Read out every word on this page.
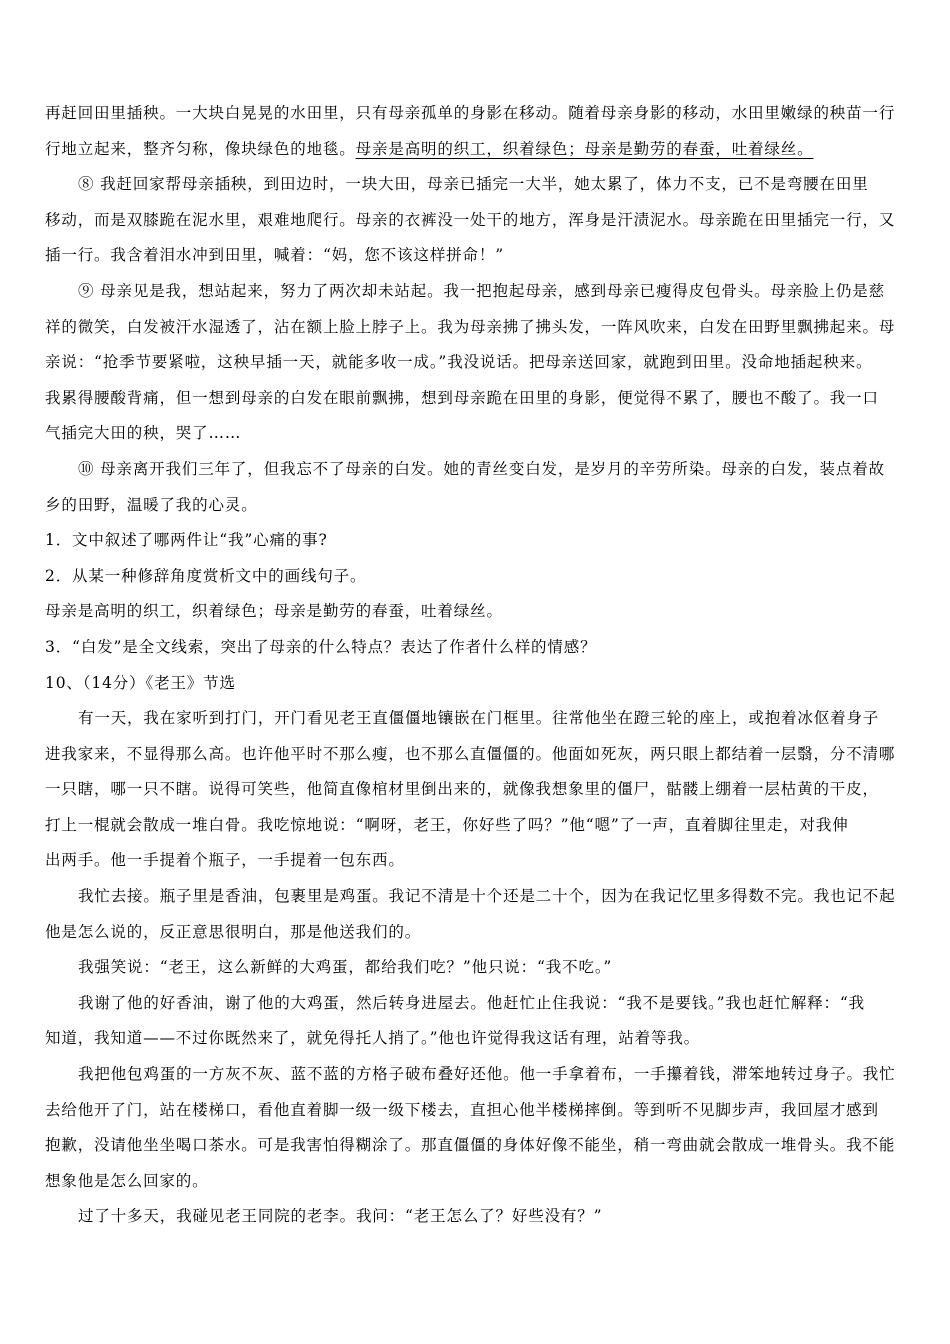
再赶回田里插秧。一大块白晃晃的水田里，只有母亲孤单的身影在移动。随着母亲身影的移动，水田里嫩绿的秧苗一行
行地立起来，整齐匀称，像块绿色的地毯。母亲是高明的织工，织着绿色；母亲是勤劳的春蚕，吐着绿丝。
⑧ 我赶回家帮母亲插秧，到田边时，一块大田，母亲已插完一大半，她太累了，体力不支，已不是弯腰在田里
移动，而是双膝跪在泥水里，艰难地爬行。母亲的衣裤没一处干的地方，浑身是汗渍泥水。母亲跪在田里插完一行，又
插一行。我含着泪水冲到田里，喊着：“妈，您不该这样拼命！”
⑨ 母亲见是我，想站起来，努力了两次却未站起。我一把抱起母亲，感到母亲已瘦得皮包骨头。母亲脸上仍是慈
祥的微笑，白发被汗水湿透了，沾在额上脸上脖子上。我为母亲拂了拂头发，一阵风吹来，白发在田野里飘拂起来。母
亲说：“抢季节要紧啦，这秧早插一天，就能多收一成。”我没说话。把母亲送回家，就跑到田里。没命地插起秧来。
我累得腰酸背痛，但一想到母亲的白发在眼前飘拂，想到母亲跪在田里的身影，便觉得不累了，腰也不酸了。我一口
气插完大田的秧，哭了……
⑩ 母亲离开我们三年了，但我忘不了母亲的白发。她的青丝变白发，是岁月的辛劳所染。母亲的白发，装点着故
乡的田野，温暖了我的心灵。
1．文中叙述了哪两件让“我”心痛的事?
2．从某一种修辞角度赏析文中的画线句子。
母亲是高明的织工，织着绿色；母亲是勤劳的春蚕，吐着绿丝。
3．“白发”是全文线索，突出了母亲的什么特点？表达了作者什么样的情感？
10、（14分）《老王》节选
有一天，我在家听到打门，开门看见老王直僵僵地镶嵌在门框里。往常他坐在蹬三轮的座上，或抱着冰伛着身子
进我家来，不显得那么高。也许他平时不那么瘦，也不那么直僵僵的。他面如死灰，两只眼上都结着一层翳，分不清哪
一只瞎，哪一只不瞎。说得可笑些，他简直像棺材里倒出来的，就像我想象里的僵尸，骷髅上绷着一层枯黄的干皮，
打上一棍就会散成一堆白骨。我吃惊地说：“啊呀，老王，你好些了吗？”他“嗯”了一声，直着脚往里走，对我伸
出两手。他一手提着个瓶子，一手提着一包东西。
我忙去接。瓶子里是香油，包裹里是鸡蛋。我记不清是十个还是二十个，因为在我记忆里多得数不完。我也记不起
他是怎么说的，反正意思很明白，那是他送我们的。
我强笑说：“老王，这么新鲜的大鸡蛋，都给我们吃？”他只说：“我不吃。”
我谢了他的好香油，谢了他的大鸡蛋，然后转身进屋去。他赶忙止住我说：“我不是要钱。”我也赶忙解释：“我
知道，我知道——不过你既然来了，就免得托人捎了。”他也许觉得我这话有理，站着等我。
我把他包鸡蛋的一方灰不灰、蓝不蓝的方格子破布叠好还他。他一手拿着布，一手攥着钱，滞笨地转过身子。我忙
去给他开了门，站在楼梯口，看他直着脚一级一级下楼去，直担心他半楼梯摔倒。等到听不见脚步声，我回屋才感到
抱歉，没请他坐坐喝口茶水。可是我害怕得糊涂了。那直僵僵的身体好像不能坐，稍一弯曲就会散成一堆骨头。我不能
想象他是怎么回家的。
过了十多天，我碰见老王同院的老李。我问：“老王怎么了？好些没有？”
